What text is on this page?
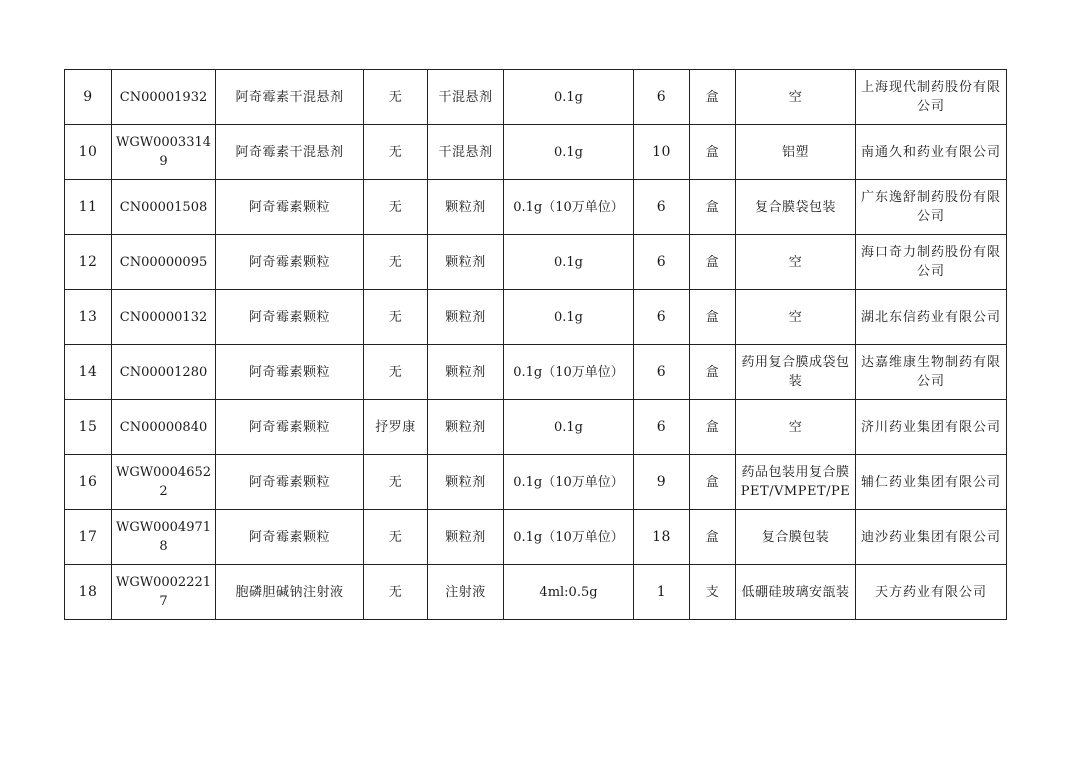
9	CN00001932	阿奇霉素干混悬剂	无	干混悬剂	0.1g	6	盒	空	上海现代制药股份有限公司
10	WGW00033149	阿奇霉素干混悬剂	无	干混悬剂	0.1g	10	盒	铝塑	南通久和药业有限公司
11	CN00001508	阿奇霉素颗粒	无	颗粒剂	0.1g（10万单位）	6	盒	复合膜袋包装	广东逸舒制药股份有限公司
12	CN00000095	阿奇霉素颗粒	无	颗粒剂	0.1g	6	盒	空	海口奇力制药股份有限公司
13	CN00000132	阿奇霉素颗粒	无	颗粒剂	0.1g	6	盒	空	湖北东信药业有限公司
14	CN00001280	阿奇霉素颗粒	无	颗粒剂	0.1g（10万单位）	6	盒	药用复合膜成袋包装	达嘉维康生物制药有限公司
15	CN00000840	阿奇霉素颗粒	抒罗康	颗粒剂	0.1g	6	盒	空	济川药业集团有限公司
16	WGW00046522	阿奇霉素颗粒	无	颗粒剂	0.1g（10万单位）	9	盒	药品包装用复合膜PET/VMPET/PE	辅仁药业集团有限公司
17	WGW00049718	阿奇霉素颗粒	无	颗粒剂	0.1g（10万单位）	18	盒	复合膜包装	迪沙药业集团有限公司
18	WGW00022217	胞磷胆碱钠注射液	无	注射液	4ml:0.5g	1	支	低硼硅玻璃安瓿装	天方药业有限公司
